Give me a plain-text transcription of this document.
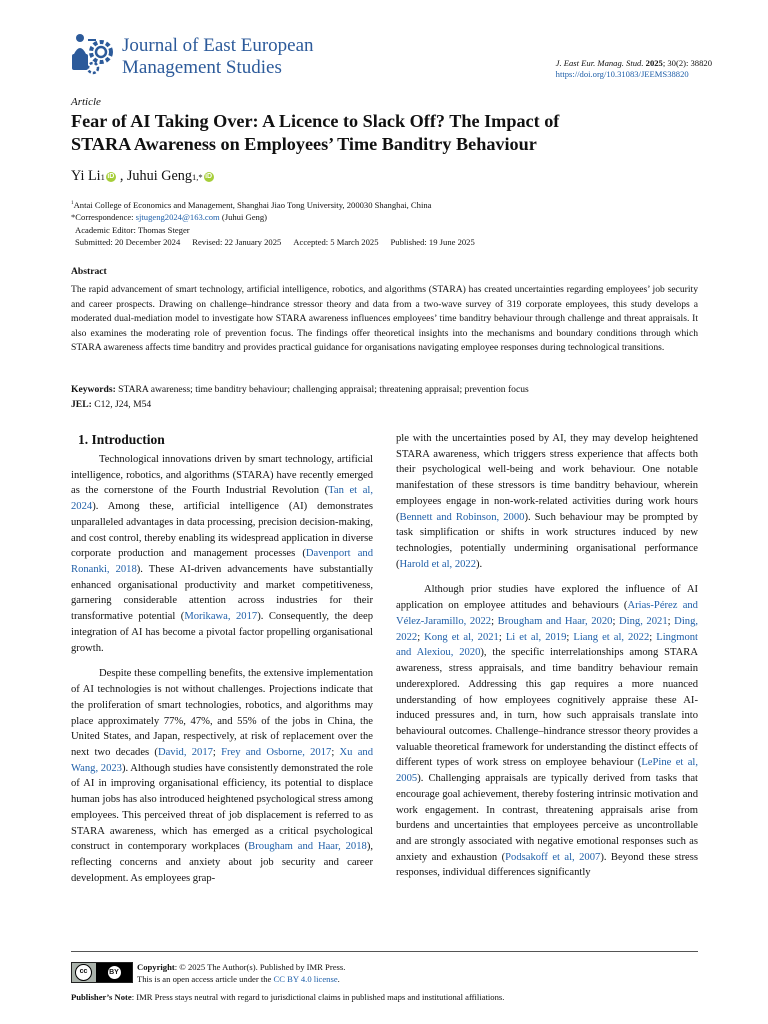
Journal of East European
Management Studies	J. East Eur. Manag. Stud. 2025; 30(2): 38820
https://doi.org/10.31083/JEEMS38820
Article
Fear of AI Taking Over: A Licence to Slack Off? The Impact of
STARA Awareness on Employees’ Time Banditry Behaviour
Yi Li 1 iD , Juhui Geng 1,* iD
$^1$Antai College of Economics and Management, Shanghai Jiao Tong University, 200030 Shanghai, China
*Correspondence: sjtugeng2024@163.com (Juhui Geng)
Academic Editor: Thomas Steger
Submitted: 20 December 2024 Revised: 22 January 2025 Accepted: 5 March 2025 Published: 19 June 2025
Abstract
The rapid advancement of smart technology, artificial intelligence, robotics, and algorithms (STARA) has created uncertainties regarding employees’ job security and career prospects. Drawing on challenge–hindrance stressor theory and data from a two-wave survey of 319 corporate employees, this study develops a moderated dual-mediation model to investigate how STARA awareness influences employees’ time banditry behaviour through challenge and threat appraisals. It also examines the moderating role of prevention focus. The findings offer theoretical insights into the mechanisms and boundary conditions through which STARA awareness affects time banditry and provides practical guidance for organisations navigating employee responses during technological transitions.
Keywords: STARA awareness; time banditry behaviour; challenging appraisal; threatening appraisal; prevention focus
JEL: C12, J24, M54
1. Introduction

Technological innovations driven by smart technology, artificial intelligence, robotics, and algorithms (STARA) have recently emerged as the cornerstone of the Fourth Industrial Revolution (Tan et al, 2024). Among these, artificial intelligence (AI) demonstrates unparalleled advantages in data processing, precision decision-making, and cost control, thereby enabling its widespread application in diverse corporate production and management processes (Davenport and Ronanki, 2018). These AI-driven advancements have substantially enhanced organisational productivity and market competitiveness, garnering considerable attention across industries for their transformative potential (Morikawa, 2017). Consequently, the deep integration of AI has become a pivotal factor propelling organisational growth.

Despite these compelling benefits, the extensive implementation of AI technologies is not without challenges. Projections indicate that the proliferation of smart technologies, robotics, and algorithms may place approximately 77%, 47%, and 55% of the jobs in China, the United States, and Japan, respectively, at risk of replacement over the next two decades (David, 2017; Frey and Osborne, 2017; Xu and Wang, 2023). Although studies have consistently demonstrated the role of AI in improving organisational efficiency, its potential to displace human jobs has also introduced heightened psychological stress among employees. This perceived threat of job displacement is referred to as STARA awareness, which has emerged as a critical psychological construct in contemporary workplaces (Brougham and Haar, 2018), reflecting concerns and anxiety about job security and career development. As employees grap-

ple with the uncertainties posed by AI, they may develop heightened STARA awareness, which triggers stress experience that affects both their psychological well-being and work behaviour. One notable manifestation of these stressors is time banditry behaviour, wherein employees engage in non-work-related activities during work hours (Bennett and Robinson, 2000). Such behaviour may be prompted by task simplification or shifts in work structures induced by new technologies, potentially undermining organisational performance (Harold et al, 2022).

Although prior studies have explored the influence of AI application on employee attitudes and behaviours (Arias-Pérez and Vélez-Jaramillo, 2022; Brougham and Haar, 2020; Ding, 2021; Ding, 2022; Kong et al, 2021; Li et al, 2019; Liang et al, 2022; Lingmont and Alexiou, 2020), the specific interrelationships among STARA awareness, stress appraisals, and time banditry behaviour remain underexplored. Addressing this gap requires a more nuanced understanding of how employees cognitively appraise these AI-induced pressures and, in turn, how such appraisals translate into behavioural outcomes. Challenge–hindrance stressor theory provides a valuable theoretical framework for understanding the distinct effects of different types of work stress on employee behaviour (LePine et al, 2005). Challenging appraisals are typically derived from tasks that encourage goal achievement, thereby fostering intrinsic motivation and work engagement. In contrast, threatening appraisals arise from burdens and uncertainties that employees perceive as uncontrollable and are strongly associated with negative emotional responses such as anxiety and exhaustion (Podsakoff et al, 2007). Beyond these stress responses, individual differences significantly

cc	BY
Copyright: © 2025 The Author(s). Published by IMR Press.
This is an open access article under the CC BY 4.0 license.
Publisher’s Note: IMR Press stays neutral with regard to jurisdictional claims in published maps and institutional affiliations.
